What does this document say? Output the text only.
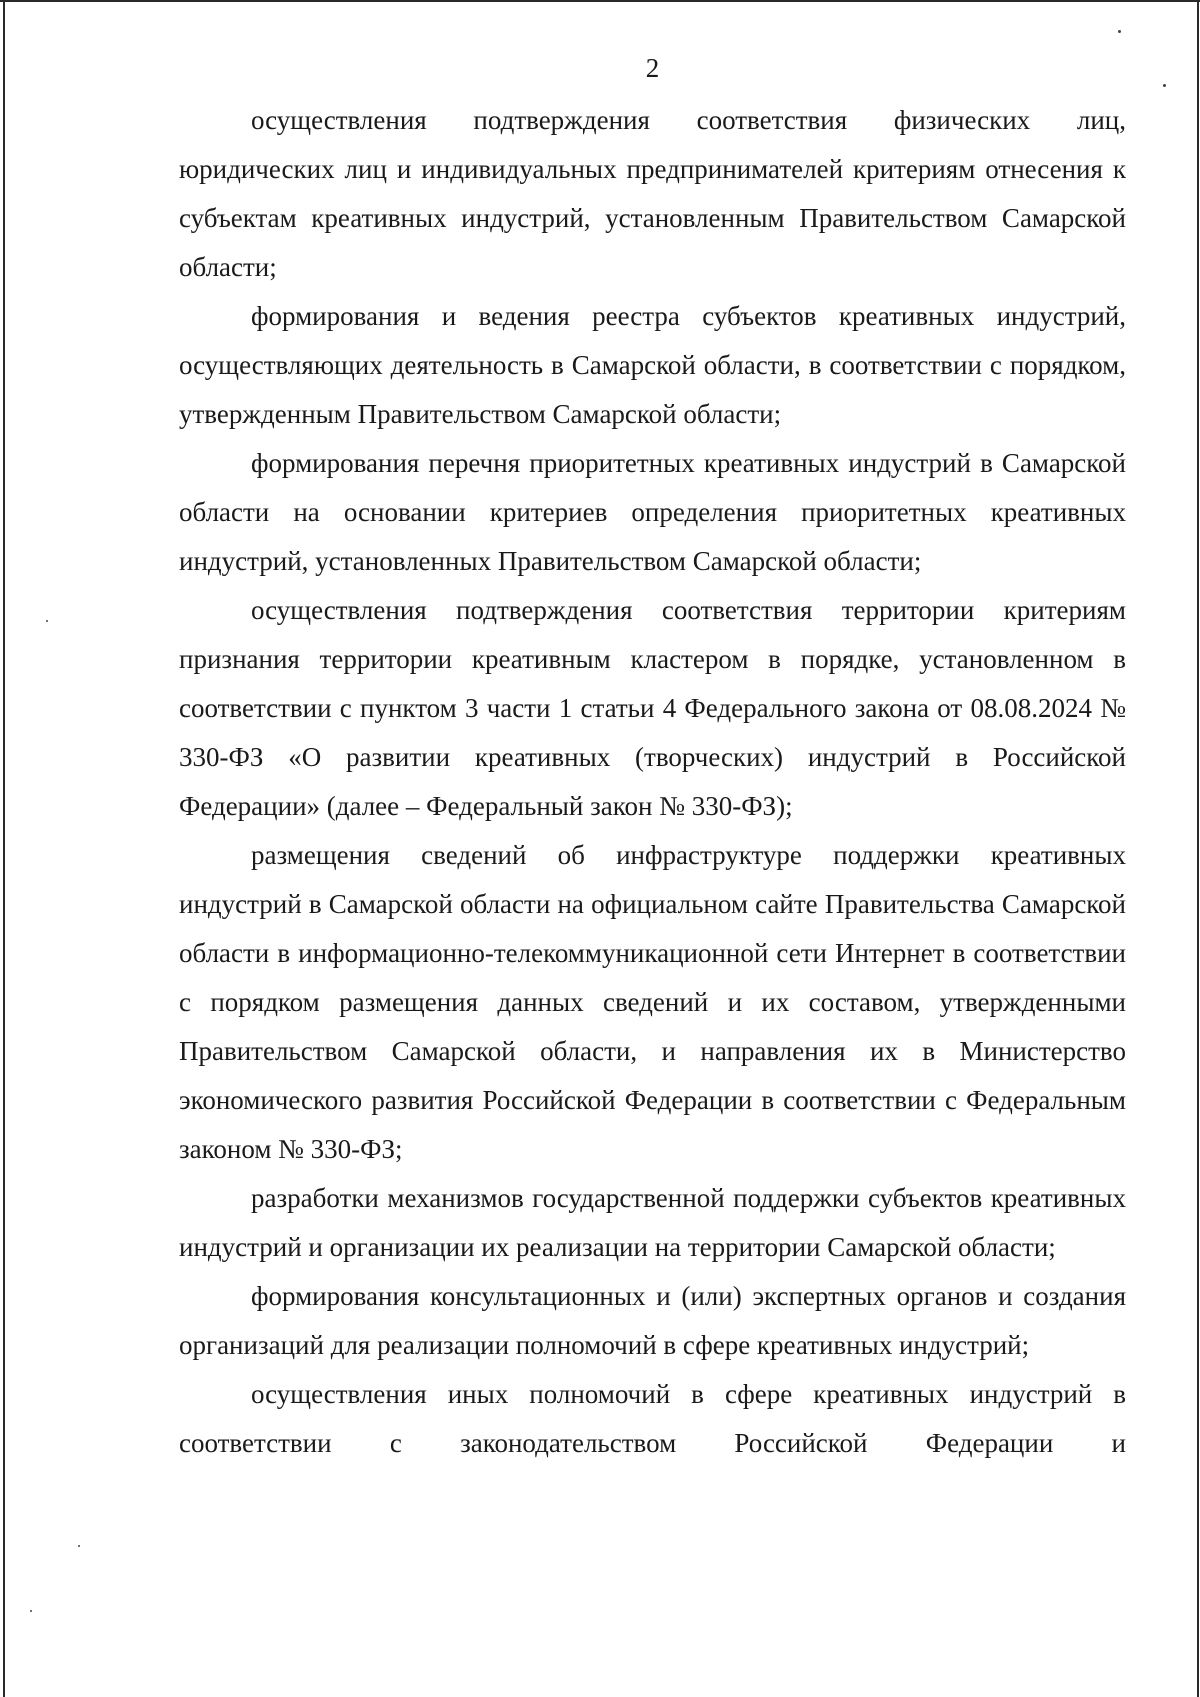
2

осуществления подтверждения соответствия физических лиц, юридических лиц и индивидуальных предпринимателей критериям отнесения к субъектам креативных индустрий, установленным Правительством Самарской области;

формирования и ведения реестра субъектов креативных индустрий, осуществляющих деятельность в Самарской области, в соответствии с порядком, утвержденным Правительством Самарской области;

формирования перечня приоритетных креативных индустрий в Самарской области на основании критериев определения приоритетных креативных индустрий, установленных Правительством Самарской области;

осуществления подтверждения соответствия территории критериям признания территории креативным кластером в порядке, установленном в соответствии с пунктом 3 части 1 статьи 4 Федерального закона от 08.08.2024 № 330-ФЗ «О развитии креативных (творческих) индустрий в Российской Федерации» (далее – Федеральный закон № 330-ФЗ);

размещения сведений об инфраструктуре поддержки креативных индустрий в Самарской области на официальном сайте Правительства Самарской области в информационно-телекоммуникационной сети Интернет в соответствии с порядком размещения данных сведений и их составом, утвержденными Правительством Самарской области, и направления их в Министерство экономического развития Российской Федерации в соответствии с Федеральным законом № 330-ФЗ;

разработки механизмов государственной поддержки субъектов креативных индустрий и организации их реализации на территории Самарской области;

формирования консультационных и (или) экспертных органов и создания организаций для реализации полномочий в сфере креативных индустрий;

осуществления иных полномочий в сфере креативных индустрий в соответствии с законодательством Российской Федерации и
